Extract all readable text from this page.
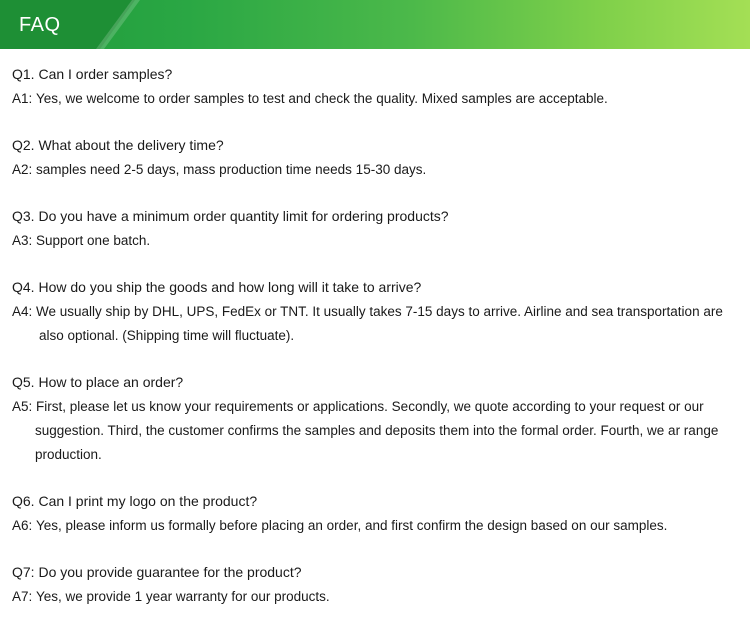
FAQ

Q1. Can I order samples?

A1: Yes, we welcome to order samples to test and check the quality. Mixed samples are acceptable.

Q2. What about the delivery time?

A2: samples need 2-5 days, mass production time needs 15-30 days.

Q3. Do you have a minimum order quantity limit for ordering products?

A3: Support one batch.

Q4. How do you ship the goods and how long will it take to arrive?

A4: We usually ship by DHL, UPS, FedEx or TNT. It usually takes 7-15 days to arrive. Airline and sea transportation are also optional. (Shipping time will fluctuate).

Q5. How to place an order?

A5: First, please let us know your requirements or applications. Secondly, we quote according to your request or our suggestion. Third, the customer confirms the samples and deposits them into the formal order. Fourth, we ar range production.

Q6. Can I print my logo on the product?

A6: Yes, please inform us formally before placing an order, and first confirm the design based on our samples.

Q7: Do you provide guarantee for the product?

A7: Yes, we provide 1 year warranty for our products.
